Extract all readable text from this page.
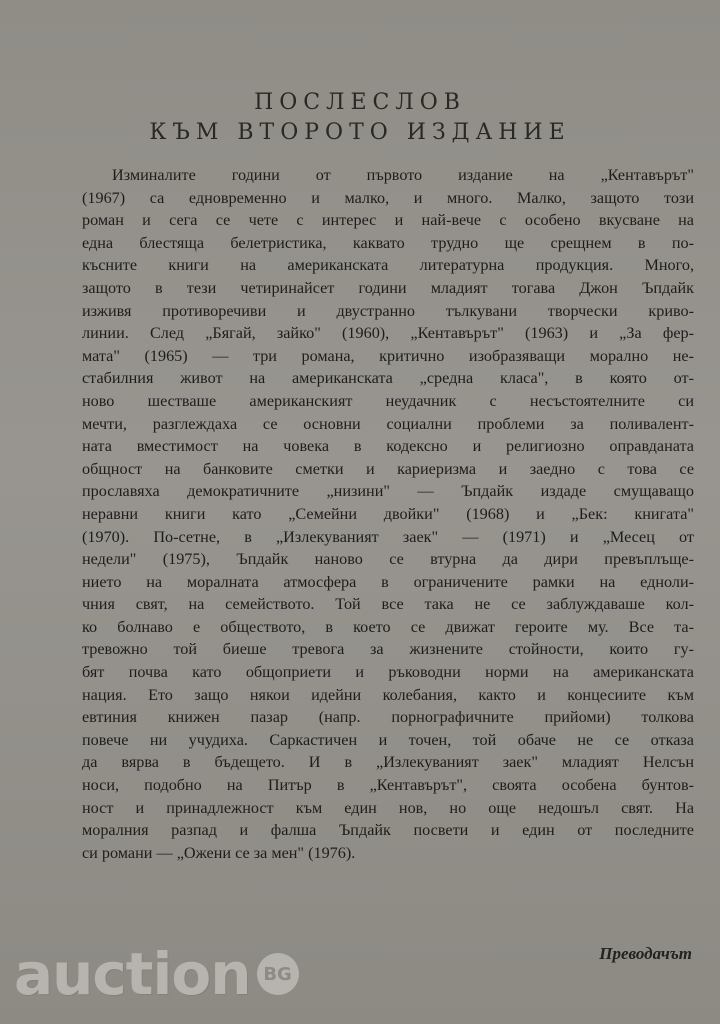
ПОСЛЕСЛОВ
КЪМ ВТОРОТО ИЗДАНИЕ
Изминалите години от първото издание на „Кентавърът"
(1967) са едновременно и малко, и много. Малко, защото този
роман и сега се чете с интерес и най-вече с особено вкусване на
една блестяща белетристика, каквато трудно ще срещнем в по-
късните книги на американската литературна продукция. Много,
защото в тези четиринайсет години младият тогава Джон Ъпдайк
изживя противоречиви и двустранно тълкувани творчески криво-
линии. След „Бягай, зайко" (1960), „Кентавърът" (1963) и „За фер-
мата" (1965) — три романа, критично изобразяващи морално не-
стабилния живот на американската „средна класа", в която от-
ново шестваше американският неудачник с несъстоятелните си
мечти, разглеждаха се основни социални проблеми за поливалент-
ната вместимост на човека в кодексно и религиозно оправданата
общност на банковите сметки и кариеризма и заедно с това се
прославяха демократичните „низини" — Ъпдайк издаде смущаващо
неравни книги като „Семейни двойки" (1968) и „Бек: книгата"
(1970). По-сетне, в „Излекуваният заек" — (1971) и „Месец от
недели" (1975), Ъпдайк наново се втурна да дири превъплъще-
нието на моралната атмосфера в ограничените рамки на едноли-
чния свят, на семейството. Той все така не се заблуждаваше кол-
ко болнаво е обществото, в което се движат героите му. Все та-
тревожно той биеше тревога за жизнените стойности, които гу-
бят почва като общоприети и ръководни норми на американската
нация. Ето защо някои идейни колебания, както и концесиите към
евтиния книжен пазар (напр. порнографичните прийоми) толкова
повече ни учудиха. Саркастичен и точен, той обаче не се отказа
да вярва в бъдещето. И в „Излекуваният заек" младият Нелсън
носи, подобно на Питър в „Кентавърът", своята особена бунтов-
ност и принадлежност към един нов, но още недошъл свят. На
моралния разпад и фалша Ъпдайк посвети и един от последните
си романи — „Ожени се за мен" (1976).
auction BG
Преводачът
